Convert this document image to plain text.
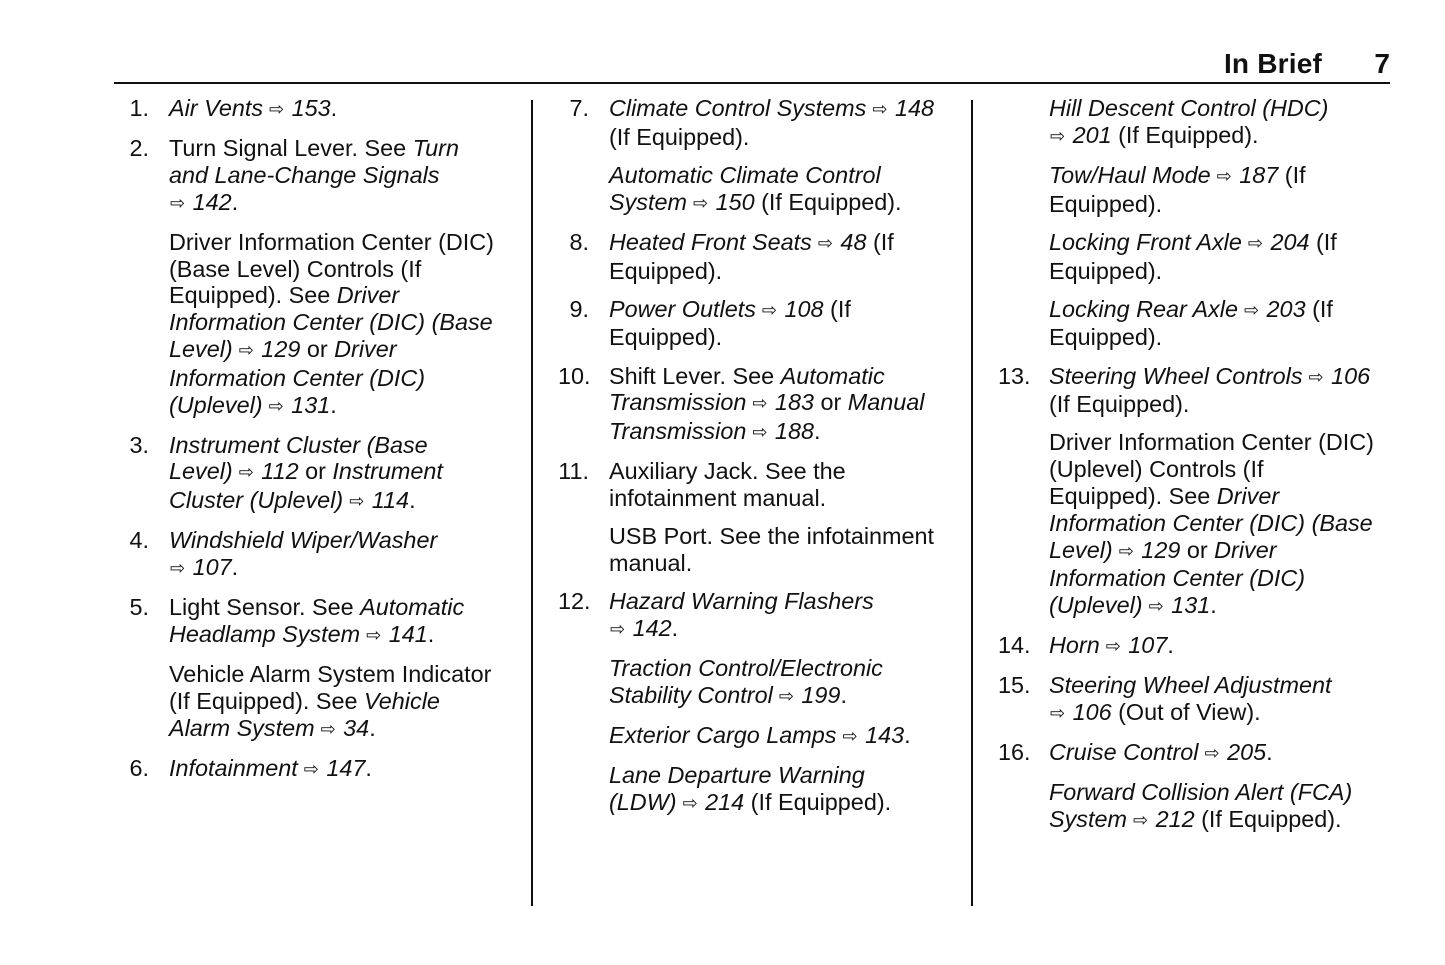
In Brief 7
1. Air Vents ⇨ 153.
2. Turn Signal Lever. See Turn
and Lane-Change Signals
⇨ 142.
Driver Information Center (DIC)
(Base Level) Controls (If
Equipped). See Driver
Information Center (DIC) (Base
Level) ⇨ 129 or Driver
Information Center (DIC)
(Uplevel) ⇨ 131.
3. Instrument Cluster (Base
Level) ⇨ 112 or Instrument
Cluster (Uplevel) ⇨ 114.
4. Windshield Wiper/Washer
⇨ 107.
5. Light Sensor. See Automatic
Headlamp System ⇨ 141.
Vehicle Alarm System Indicator
(If Equipped). See Vehicle
Alarm System ⇨ 34.
6. Infotainment ⇨ 147.
7. Climate Control Systems ⇨ 148
(If Equipped).
Automatic Climate Control
System ⇨ 150 (If Equipped).
8. Heated Front Seats ⇨ 48 (If
Equipped).
9. Power Outlets ⇨ 108 (If
Equipped).
10. Shift Lever. See Automatic
Transmission ⇨ 183 or Manual
Transmission ⇨ 188.
11. Auxiliary Jack. See the
infotainment manual.
USB Port. See the infotainment
manual.
12. Hazard Warning Flashers
⇨ 142.
Traction Control/Electronic
Stability Control ⇨ 199.
Exterior Cargo Lamps ⇨ 143.
Lane Departure Warning
(LDW) ⇨ 214 (If Equipped).
Hill Descent Control (HDC)
⇨ 201 (If Equipped).
Tow/Haul Mode ⇨ 187 (If
Equipped).
Locking Front Axle ⇨ 204 (If
Equipped).
Locking Rear Axle ⇨ 203 (If
Equipped).
13. Steering Wheel Controls ⇨ 106
(If Equipped).
Driver Information Center (DIC)
(Uplevel) Controls (If
Equipped). See Driver
Information Center (DIC) (Base
Level) ⇨ 129 or Driver
Information Center (DIC)
(Uplevel) ⇨ 131.
14. Horn ⇨ 107.
15. Steering Wheel Adjustment
⇨ 106 (Out of View).
16. Cruise Control ⇨ 205.
Forward Collision Alert (FCA)
System ⇨ 212 (If Equipped).
